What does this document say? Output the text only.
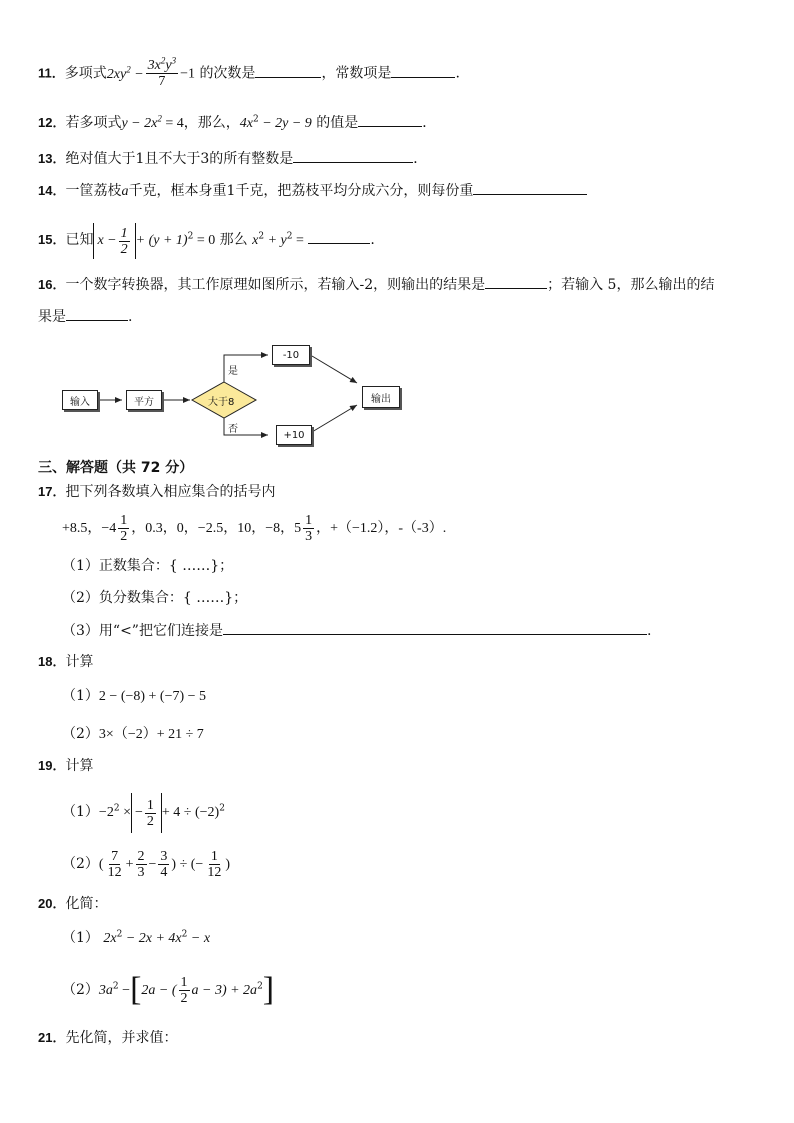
11．多项式$2xy^2 - \frac{3x^2y^3}{7} -1$ 的次数是	，常数项是	.
12．若多项式$y - 2x^2 = 4$，那么，$4x^2 - 2y - 9$ 的值是	．
13．绝对值大于1且不大于3的所有整数是	．
14．一筐荔枝a千克，框本身重1千克，把荔枝平均分成六分，则每份重
15．已知 $x - \frac{1}{2} + (y + 1)^2 = 0$ 那么 $x^2 + y^2$ =	.
16．一个数字转换器，其工作原理如图所示，若输入-2，则输出的结果是	；若输入 5，那么输出的结
果是	.
输入	平方	大于8
是
否
-10
+10
输出
三、解答题（共 72 分）
17．把下列各数填入相应集合的括号内
+8.5，$-4 \frac{1}{2}$ ，0.3，0，−2.5，10，−8，$5 \frac{1}{3}$ ，+（−1.2），-（-3）.
（1）正数集合：{ ……}；
（2）负分数集合：{ ……}；
（3）用“<”把它们连接是	.
18．计算
（1）2 − (−8) + (−7) − 5
（2）3×（−2）+ 21 ÷ 7
19．计算
$(1)-2^2$ × − $\frac{1}{2} + 4 \div (-2)^2$
$(2)( \frac{7}{12} + \frac{2}{3} - \frac{3}{4}$ ) ÷ (− $\frac{1}{12}$ )
20．化简：
（1） $2x^2 - 2x + 4x^2 - x$
$(2)3a^2 -[2a$ − ( $\frac{1}{2}$ $a - 3) + 2a^2$]
21．先化简，并求值：
